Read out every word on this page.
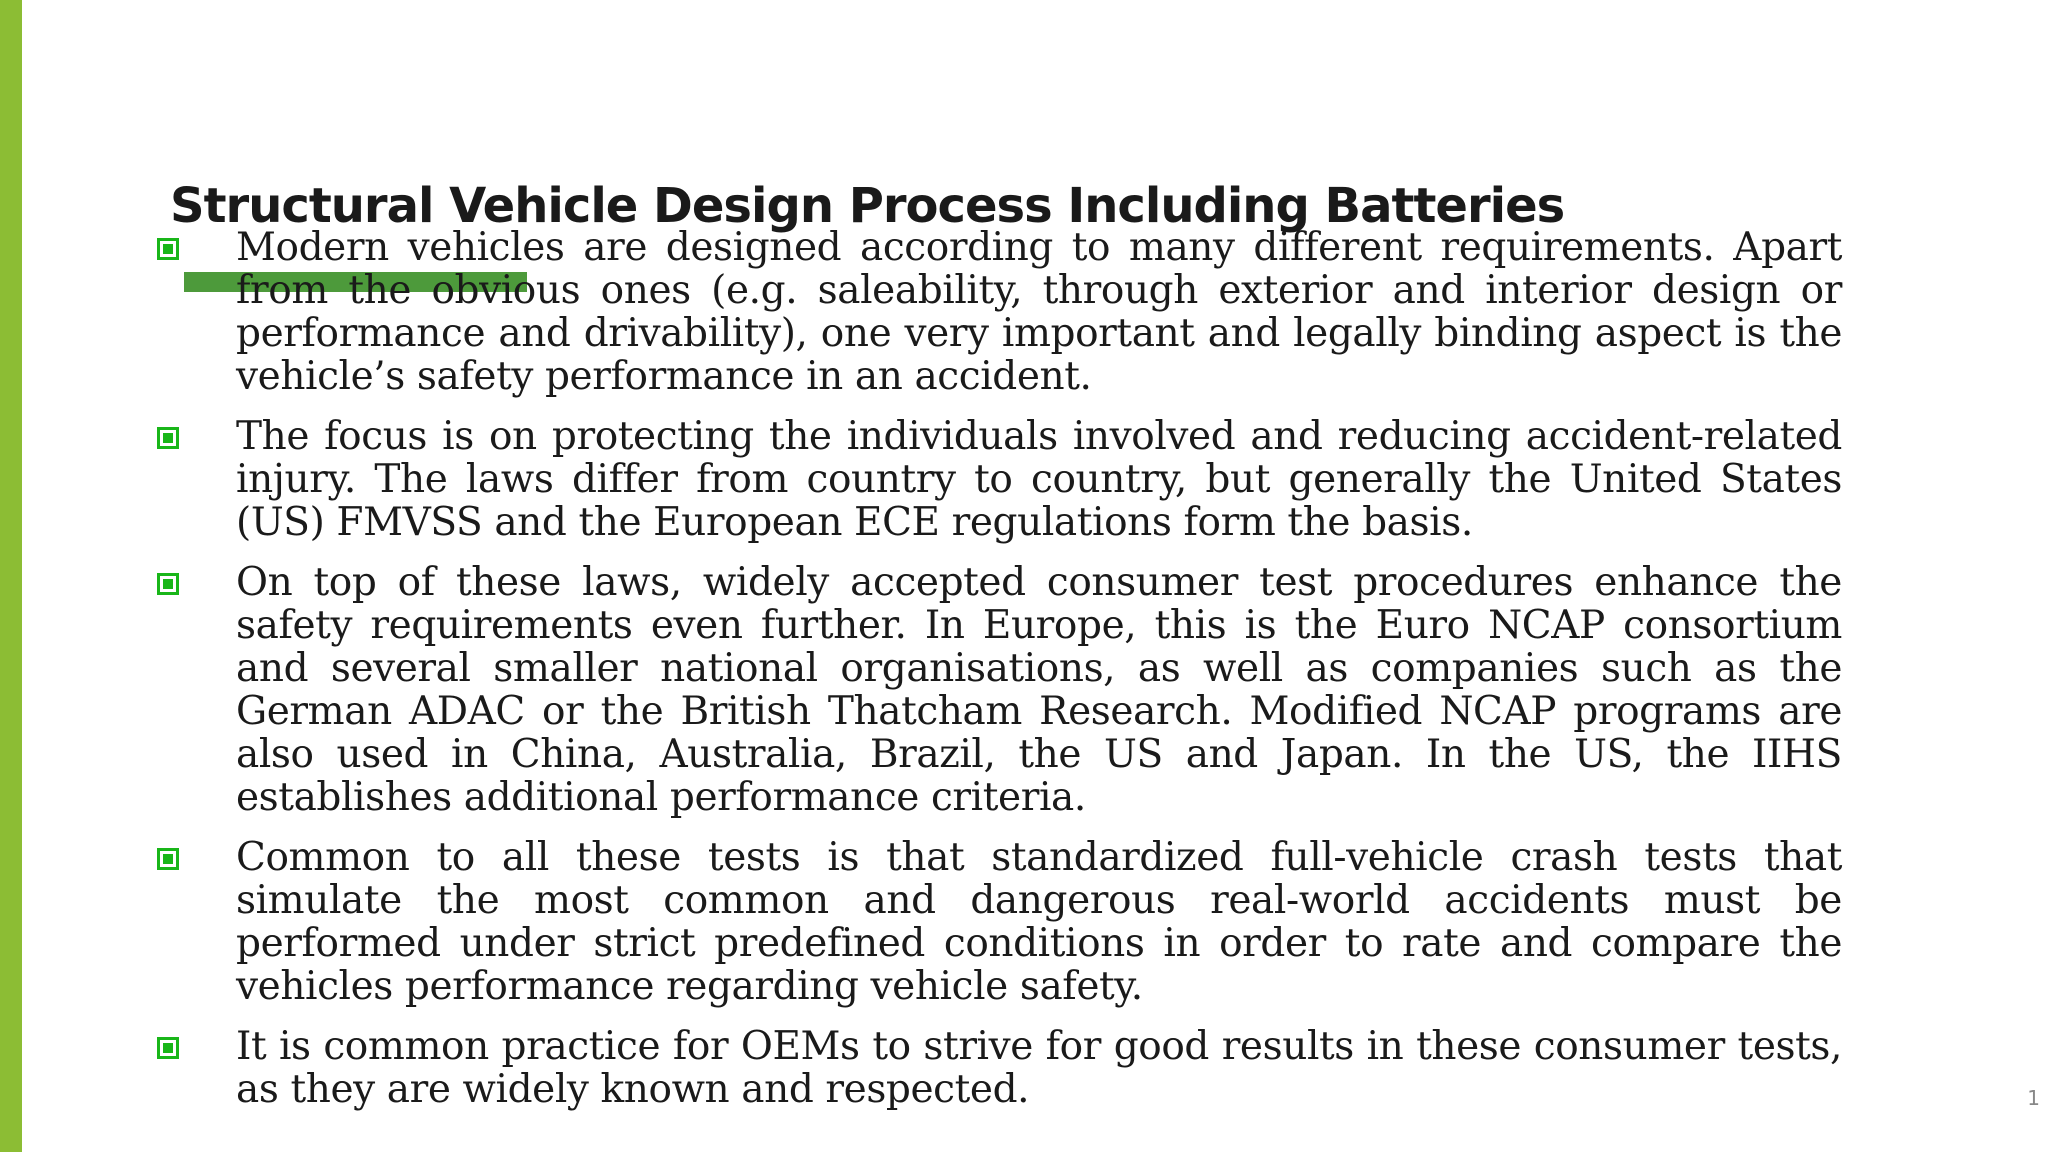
Structural Vehicle Design Process Including Batteries
Modern vehicles are designed according to many different requirements. Apart from the obvious ones (e.g. saleability, through exterior and interior design or performance and drivability), one very important and legally binding aspect is the vehicle’s safety performance in an accident.
The focus is on protecting the individuals involved and reducing accident-related injury. The laws differ from country to country, but generally the United States (US) FMVSS and the European ECE regulations form the basis.
On top of these laws, widely accepted consumer test procedures enhance the safety requirements even further. In Europe, this is the Euro NCAP consortium and several smaller national organisations, as well as companies such as the German ADAC or the British Thatcham Research. Modified NCAP programs are also used in China, Australia, Brazil, the US and Japan. In the US, the IIHS establishes additional performance criteria.
Common to all these tests is that standardized full-vehicle crash tests that simulate the most common and dangerous real-world accidents must be performed under strict predefined conditions in order to rate and compare the vehicles performance regarding vehicle safety.
It is common practice for OEMs to strive for good results in these consumer tests, as they are widely known and respected.	1
